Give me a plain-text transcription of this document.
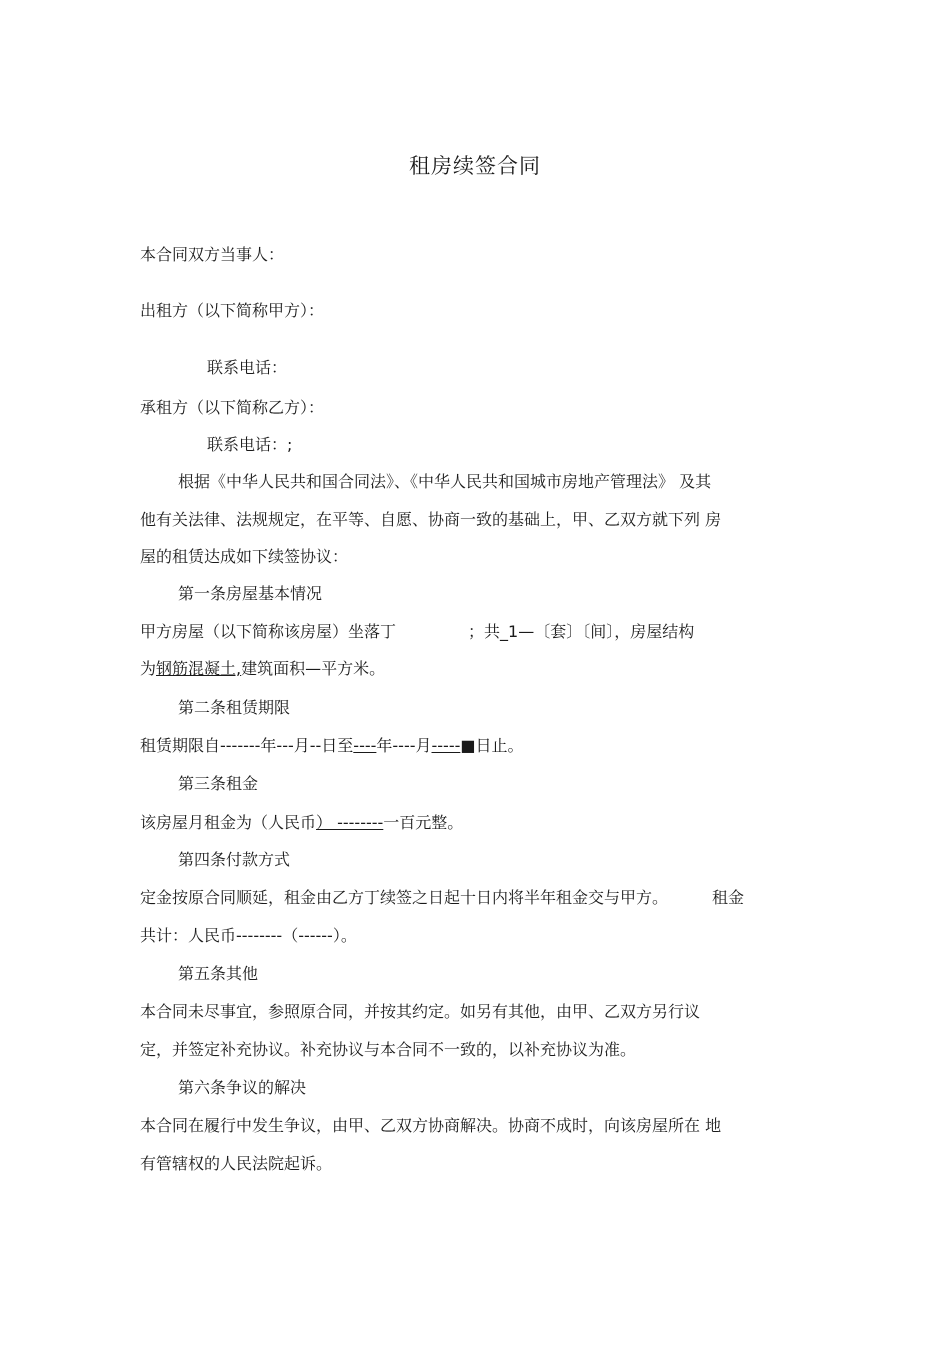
租房续签合同

本合同双方当事人：

出租方（以下简称甲方）：

联系电话：

承租方（以下简称乙方）：

联系电话：;

根据《中华人民共和国合同法》、《中华人民共和国城市房地产管理法》 及其

他有关法律、法规规定，在平等、自愿、协商一致的基础上，甲、乙双方就下列 房

屋的租赁达成如下续签协议：

第一条房屋基本情况

甲方房屋（以下简称该房屋）坐落丁	；共_1—〔套〕〔间〕，房屋结构

为钢筋混凝土,建筑面积—平方米。

第二条租赁期限

租赁期限自-------年---月--日至----年----月-----■日止。

第三条租金

该房屋月租金为（人民币） --------一百元整。

第四条付款方式

定金按原合同顺延，租金由乙方丁续签之日起十日内将半年租金交与甲方。	租金

共计：人民币--------（------）。

第五条其他

本合同未尽事宜，参照原合同，并按其约定。如另有其他，由甲、乙双方另行议

定，并签定补充协议。补充协议与本合同不一致的，以补充协议为准。

第六条争议的解决

本合同在履行中发生争议，由甲、乙双方协商解决。协商不成时，向该房屋所在 地

有管辖权的人民法院起诉。
